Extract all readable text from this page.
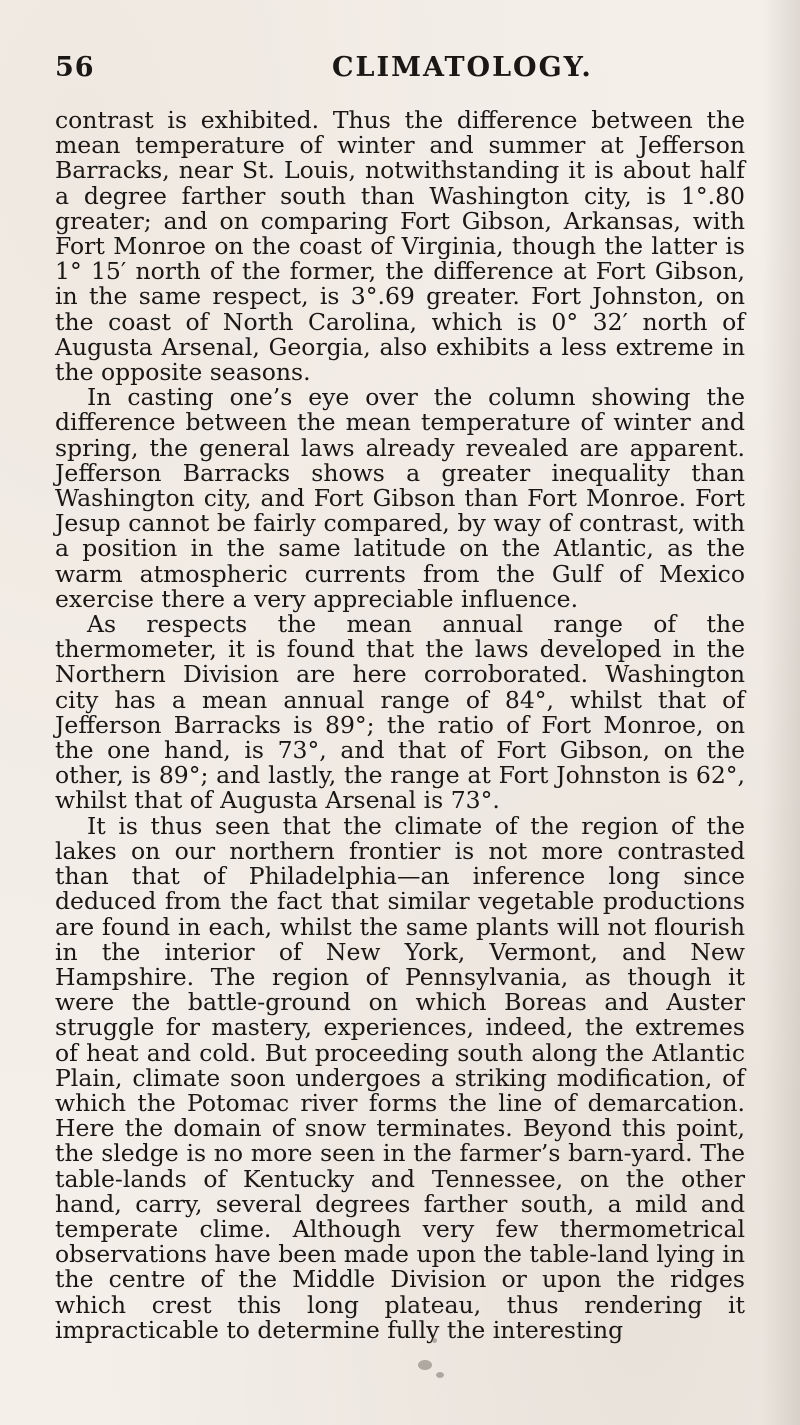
56	CLIMATOLOGY.

contrast is exhibited. Thus the difference between the mean temperature of winter and summer at Jefferson Barracks, near St. Louis, notwithstanding it is about half a degree farther south than Washington city, is 1°.80 greater; and on comparing Fort Gibson, Arkansas, with Fort Monroe on the coast of Virginia, though the latter is 1° 15′ north of the former, the difference at Fort Gibson, in the same respect, is 3°.69 greater. Fort Johnston, on the coast of North Carolina, which is 0° 32′ north of Augusta Arsenal, Georgia, also exhibits a less extreme in the opposite seasons.

In casting one’s eye over the column showing the difference between the mean temperature of winter and spring, the general laws already revealed are apparent. Jefferson Barracks shows a greater inequality than Washington city, and Fort Gibson than Fort Monroe. Fort Jesup cannot be fairly compared, by way of contrast, with a position in the same latitude on the Atlantic, as the warm atmospheric currents from the Gulf of Mexico exercise there a very appreciable influence.

As respects the mean annual range of the thermometer, it is found that the laws developed in the Northern Division are here corroborated. Washington city has a mean annual range of 84°, whilst that of Jefferson Barracks is 89°; the ratio of Fort Monroe, on the one hand, is 73°, and that of Fort Gibson, on the other, is 89°; and lastly, the range at Fort Johnston is 62°, whilst that of Augusta Arsenal is 73°.

It is thus seen that the climate of the region of the lakes on our northern frontier is not more contrasted than that of Philadelphia—an inference long since deduced from the fact that similar vegetable productions are found in each, whilst the same plants will not flourish in the interior of New York, Vermont, and New Hampshire. The region of Pennsylvania, as though it were the battle-ground on which Boreas and Auster struggle for mastery, experiences, indeed, the extremes of heat and cold. But proceeding south along the Atlantic Plain, climate soon undergoes a striking modification, of which the Potomac river forms the line of demarcation. Here the domain of snow terminates. Beyond this point, the sledge is no more seen in the farmer’s barn-yard. The table-lands of Kentucky and Tennessee, on the other hand, carry, several degrees farther south, a mild and temperate clime. Although very few thermometrical observations have been made upon the table-land lying in the centre of the Middle Division or upon the ridges which crest this long plateau, thus rendering it impracticable to determine fully the interesting
